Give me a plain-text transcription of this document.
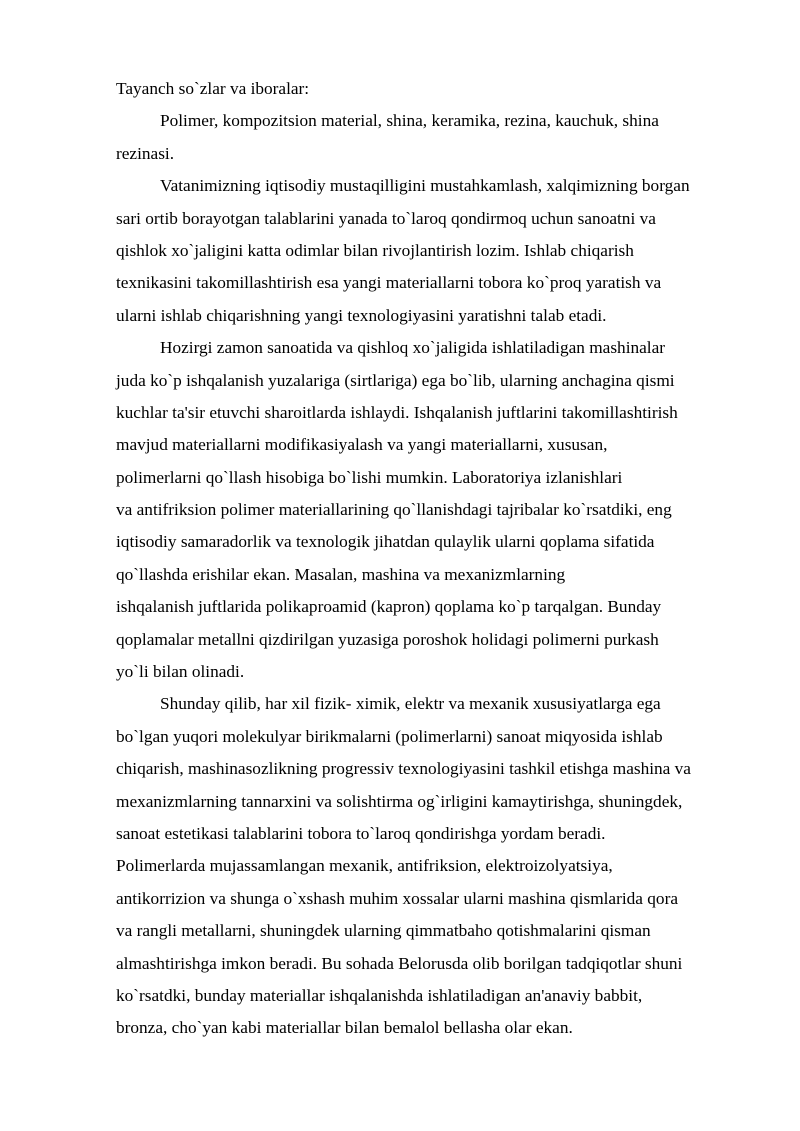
Tayanch so`zlar va iboralar:
Polimer, kompozitsion material, shina, keramika, rezina, kauchuk, shina
rezinasi.
Vatanimizning iqtisodiy mustaqilligini mustahkamlash, xalqimizning borgan
sari ortib borayotgan talablarini yanada to`laroq qondirmoq uchun sanoatni va
qishlok xo`jaligini katta odimlar bilan rivojlantirish lozim. Ishlab chiqarish
texnikasini takomillashtirish esa yangi materiallarni tobora ko`proq yaratish va
ularni ishlab chiqarishning yangi texnologiyasini yaratishni talab etadi.
Hozirgi zamon sanoatida va qishloq xo`jaligida ishlatiladigan mashinalar
juda ko`p ishqalanish yuzalariga (sirtlariga) ega bo`lib, ularning anchagina qismi
kuchlar ta'sir etuvchi sharoitlarda ishlaydi. Ishqalanish juftlarini takomillashtirish
mavjud materiallarni modifikasiyalash va yangi materiallarni, xususan,
polimerlarni qo`llash hisobiga bo`lishi mumkin. Laboratoriya izlanishlari
va antifriksion polimer materiallarining qo`llanishdagi tajribalar ko`rsatdiki, eng
iqtisodiy samaradorlik va texnologik jihatdan qulaylik ularni qoplama sifatida
qo`llashda erishilar ekan. Masalan, mashina va mexanizmlarning
ishqalanish juftlarida polikaproamid (kapron) qoplama ko`p tarqalgan. Bunday
qoplamalar metallni qizdirilgan yuzasiga poroshok holidagi polimerni purkash
yo`li bilan olinadi.
Shunday qilib, har xil fizik- ximik, elektr va mexanik xususiyatlarga ega
bo`lgan yuqori molekulyar birikmalarni (polimerlarni) sanoat miqyosida ishlab
chiqarish, mashinasozlikning progressiv texnologiyasini tashkil etishga mashina va
mexanizmlarning tannarxini va solishtirma og`irligini kamaytirishga, shuningdek,
sanoat estetikasi talablarini tobora to`laroq qondirishga yordam beradi.
Polimerlarda mujassamlangan mexanik, antifriksion, elektroizolyatsiya,
antikorrizion va shunga o`xshash muhim xossalar ularni mashina qismlarida qora
va rangli metallarni, shuningdek ularning qimmatbaho qotishmalarini qisman
almashtirishga imkon beradi. Bu sohada Belorusda olib borilgan tadqiqotlar shuni
ko`rsatdki, bunday materiallar ishqalanishda ishlatiladigan an'anaviy babbit,
bronza, cho`yan kabi materiallar bilan bemalol bellasha olar ekan.
